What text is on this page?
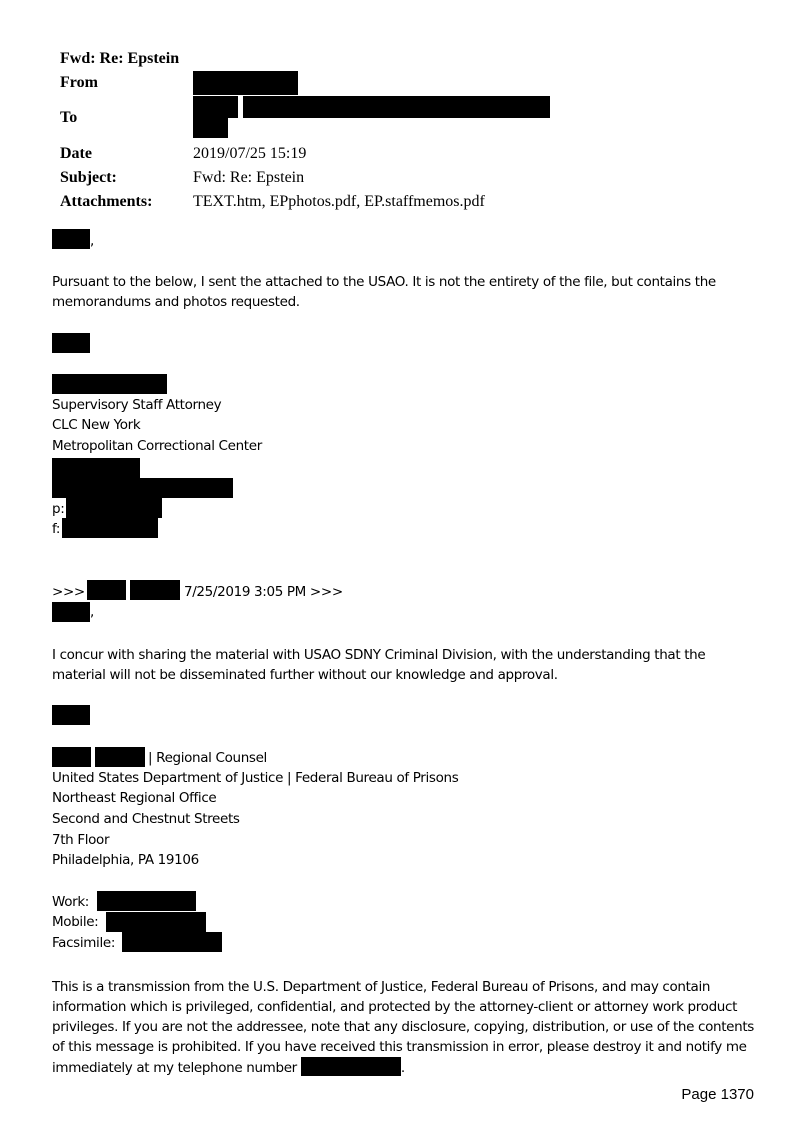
Fwd: Re: Epstein
From
To
Date	2019/07/25 15:19
Subject:	Fwd: Re: Epstein
Attachments:	TEXT.htm, EPphotos.pdf, EP.staffmemos.pdf
,
Pursuant to the below, I sent the attached to the USAO. It is not the entirety of the file, but contains the memorandums and photos requested.
Supervisory Staff Attorney
CLC New York
Metropolitan Correctional Center
p:
f:
>>>	7/25/2019 3:05 PM >>>
,
I concur with sharing the material with USAO SDNY Criminal Division, with the understanding that the material will not be disseminated further without our knowledge and approval.
| Regional Counsel
United States Department of Justice | Federal Bureau of Prisons
Northeast Regional Office
Second and Chestnut Streets
7th Floor
Philadelphia, PA 19106
Work:
Mobile:
Facsimile:
This is a transmission from the U.S. Department of Justice, Federal Bureau of Prisons, and may contain information which is privileged, confidential, and protected by the attorney-client or attorney work product privileges. If you are not the addressee, note that any disclosure, copying, distribution, or use of the contents of this message is prohibited. If you have received this transmission in error, please destroy it and notify me immediately at my telephone number	.
Page 1370
